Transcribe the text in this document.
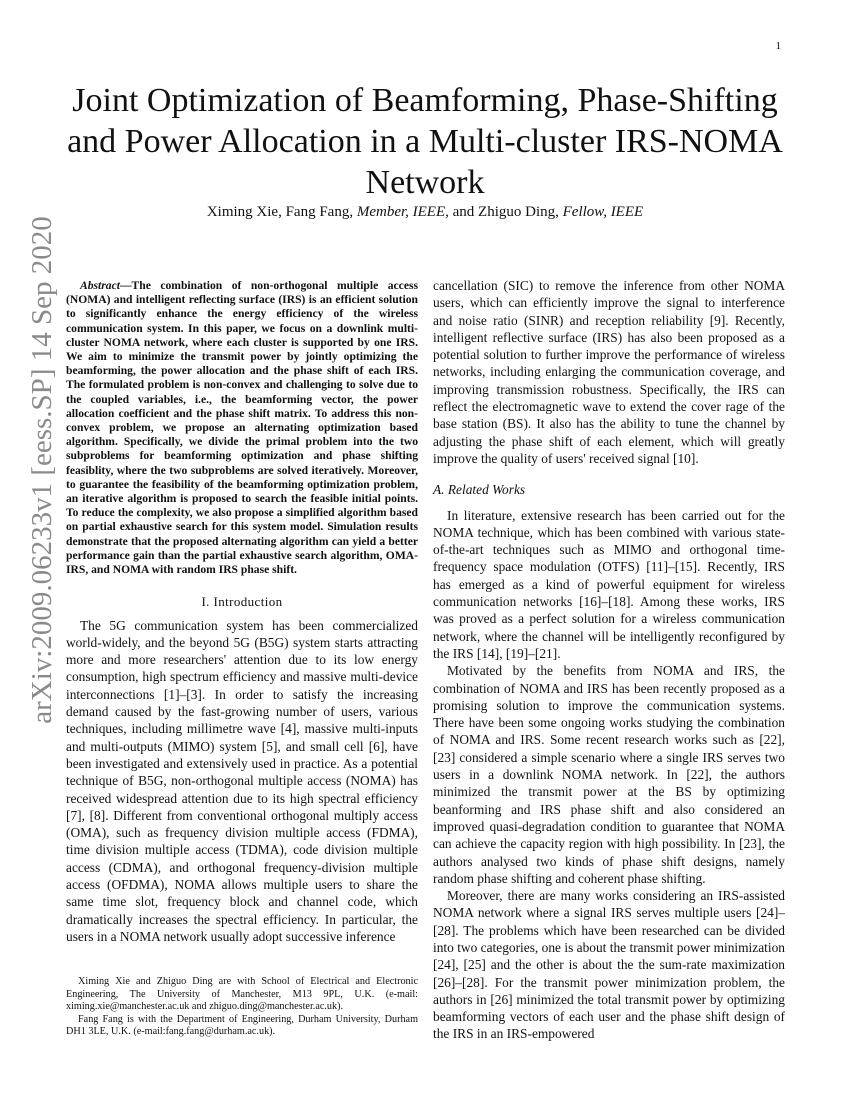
1
arXiv:2009.06233v1 [eess.SP] 14 Sep 2020
Joint Optimization of Beamforming, Phase-Shifting and Power Allocation in a Multi-cluster IRS-NOMA Network
Ximing Xie, Fang Fang, Member, IEEE, and Zhiguo Ding, Fellow, IEEE

Abstract—The combination of non-orthogonal multiple access (NOMA) and intelligent reflecting surface (IRS) is an efficient solution to significantly enhance the energy efficiency of the wireless communication system. In this paper, we focus on a downlink multi-cluster NOMA network, where each cluster is supported by one IRS. We aim to minimize the transmit power by jointly optimizing the beamforming, the power allocation and the phase shift of each IRS. The formulated problem is non-convex and challenging to solve due to the coupled variables, i.e., the beamforming vector, the power allocation coefficient and the phase shift matrix. To address this non-convex problem, we propose an alternating optimization based algorithm. Specifically, we divide the primal problem into the two subproblems for beamforming optimization and phase shifting feasiblity, where the two subproblems are solved iteratively. Moreover, to guarantee the feasibility of the beamforming optimization problem, an iterative algorithm is proposed to search the feasible initial points. To reduce the complexity, we also propose a simplified algorithm based on partial exhaustive search for this system model. Simulation results demonstrate that the proposed alternating algorithm can yield a better performance gain than the partial exhaustive search algorithm, OMA-IRS, and NOMA with random IRS phase shift.

I. Introduction

The 5G communication system has been commercialized world-widely, and the beyond 5G (B5G) system starts attracting more and more researchers' attention due to its low energy consumption, high spectrum efficiency and massive multi-device interconnections [1]–[3]. In order to satisfy the increasing demand caused by the fast-growing number of users, various techniques, including millimetre wave [4], massive multi-inputs and multi-outputs (MIMO) system [5], and small cell [6], have been investigated and extensively used in practice. As a potential technique of B5G, non-orthogonal multiple access (NOMA) has received widespread attention due to its high spectral efficiency [7], [8]. Different from conventional orthogonal multiply access (OMA), such as frequency division multiple access (FDMA), time division multiple access (TDMA), code division multiple access (CDMA), and orthogonal frequency-division multiple access (OFDMA), NOMA allows multiple users to share the same time slot, frequency block and channel code, which dramatically increases the spectral efficiency. In particular, the users in a NOMA network usually adopt successive inference

Ximing Xie and Zhiguo Ding are with School of Electrical and Electronic Engineering, The University of Manchester, M13 9PL, U.K. (e-mail: ximing.xie@manchester.ac.uk and zhiguo.ding@manchester.ac.uk).

Fang Fang is with the Department of Engineering, Durham University, Durham DH1 3LE, U.K. (e-mail:fang.fang@durham.ac.uk).

cancellation (SIC) to remove the inference from other NOMA users, which can efficiently improve the signal to interference and noise ratio (SINR) and reception reliability [9]. Recently, intelligent reflective surface (IRS) has also been proposed as a potential solution to further improve the performance of wireless networks, including enlarging the communication coverage, and improving transmission robustness. Specifically, the IRS can reflect the electromagnetic wave to extend the cover rage of the base station (BS). It also has the ability to tune the channel by adjusting the phase shift of each element, which will greatly improve the quality of users' received signal [10].

A. Related Works

In literature, extensive research has been carried out for the NOMA technique, which has been combined with various state-of-the-art techniques such as MIMO and orthogonal time-frequency space modulation (OTFS) [11]–[15]. Recently, IRS has emerged as a kind of powerful equipment for wireless communication networks [16]–[18]. Among these works, IRS was proved as a perfect solution for a wireless communication network, where the channel will be intelligently reconfigured by the IRS [14], [19]–[21].

Motivated by the benefits from NOMA and IRS, the combination of NOMA and IRS has been recently proposed as a promising solution to improve the communication systems. There have been some ongoing works studying the combination of NOMA and IRS. Some recent research works such as [22], [23] considered a simple scenario where a single IRS serves two users in a downlink NOMA network. In [22], the authors minimized the transmit power at the BS by optimizing beanforming and IRS phase shift and also considered an improved quasi-degradation condition to guarantee that NOMA can achieve the capacity region with high possibility. In [23], the authors analysed two kinds of phase shift designs, namely random phase shifting and coherent phase shifting.

Moreover, there are many works considering an IRS-assisted NOMA network where a signal IRS serves multiple users [24]–[28]. The problems which have been researched can be divided into two categories, one is about the transmit power minimization [24], [25] and the other is about the the sum-rate maximization [26]–[28]. For the transmit power minimization problem, the authors in [26] minimized the total transmit power by optimizing beamforming vectors of each user and the phase shift design of the IRS in an IRS-empowered
